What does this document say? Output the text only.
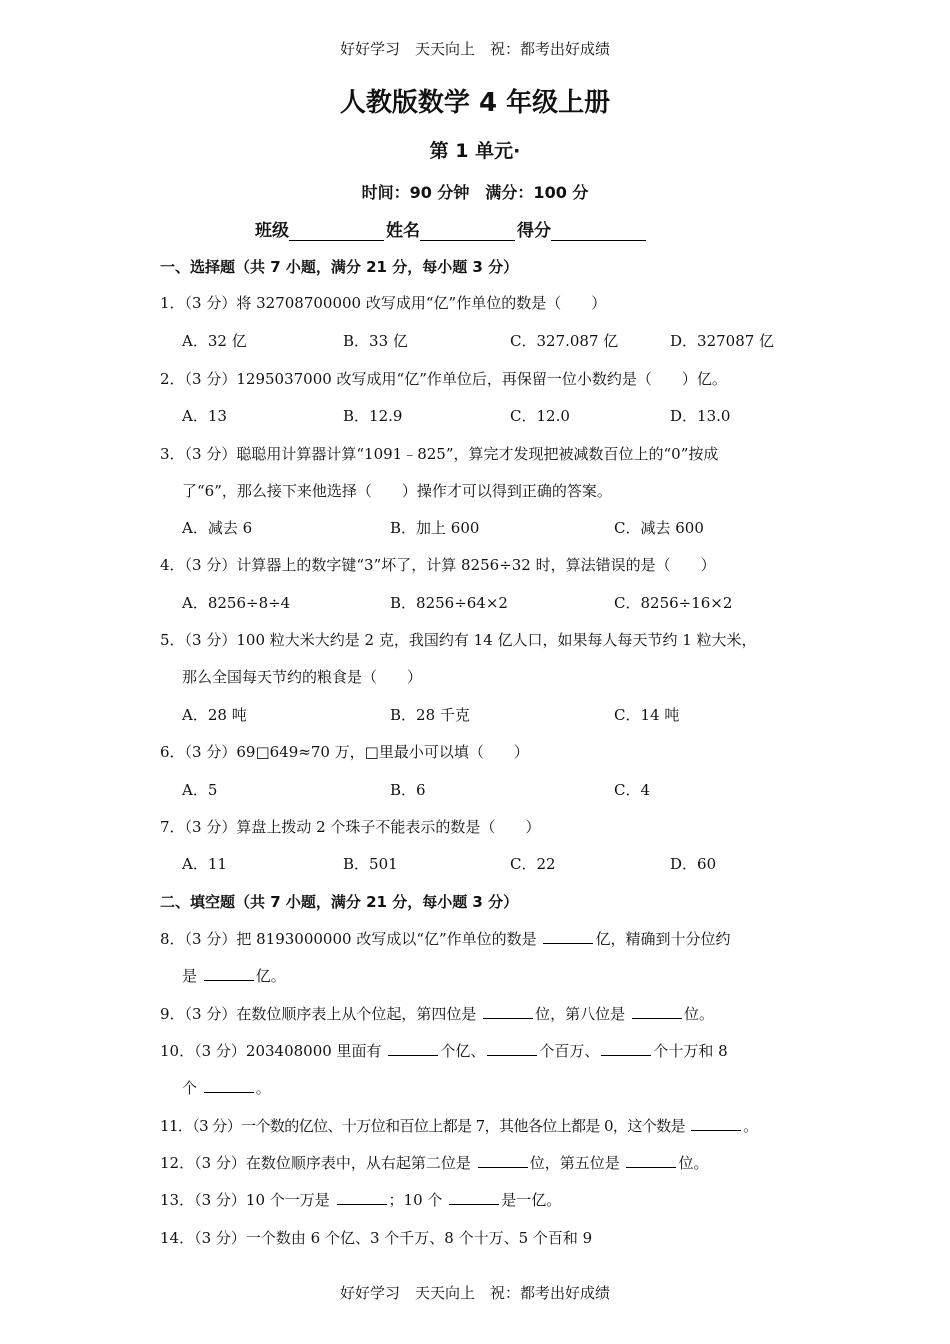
好好学习　天天向上　祝：都考出好成绩
人教版数学 4 年级上册
第 1 单元·
时间：90 分钟　满分：100 分
班级	姓名	得分
一、选择题（共 7 小题，满分 21 分，每小题 3 分）
1．（3 分）将 32708700000 改写成用“亿”作单位的数是（　　）
A．32 亿	B．33 亿	C．327.087 亿	D．327087 亿
2．（3 分）1295037000 改写成用“亿”作单位后，再保留一位小数约是（　　）亿。
A．13	B．12.9	C．12.0	D．13.0
3．（3 分）聪聪用计算器计算“1091﹣825”，算完才发现把被减数百位上的“0”按成
了“6”，那么接下来他选择（　　）操作才可以得到正确的答案。
A．减去 6	B．加上 600	C．减去 600
4．（3 分）计算器上的数字键“3”坏了，计算 8256÷32 时，算法错误的是（　　）
A．8256÷8÷4	B．8256÷64×2	C．8256÷16×2
5．（3 分）100 粒大米大约是 2 克，我国约有 14 亿人口，如果每人每天节约 1 粒大米，
那么全国每天节约的粮食是（　　）
A．28 吨	B．28 千克	C．14 吨
6．（3 分）69□649≈70 万，□里最小可以填（　　）
A．5	B．6	C．4
7．（3 分）算盘上拨动 2 个珠子不能表示的数是（　　）
A．11	B．501	C．22	D．60
二、填空题（共 7 小题，满分 21 分，每小题 3 分）
8．（3 分）把 8193000000 改写成以“亿”作单位的数是	亿，精确到十分位约
是	亿。
9．（3 分）在数位顺序表上从个位起，第四位是	位，第八位是	位。
10．（3 分）203408000 里面有	个亿、	个百万、	个十万和 8
个	。
11．（3 分）一个数的亿位、十万位和百位上都是 7，其他各位上都是 0，这个数是	。
12．（3 分）在数位顺序表中，从右起第二位是	位，第五位是	位。
13．（3 分）10 个一万是	；10 个	是一亿。
14．（3 分）一个数由 6 个亿、3 个千万、8 个十万、5 个百和 9
好好学习　天天向上　祝：都考出好成绩
